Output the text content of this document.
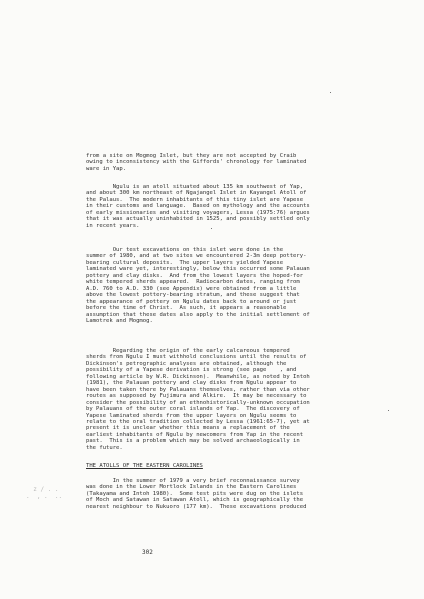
from a site on Mogmog Islet, but they are not accepted by Craib
owing to inconsistency with the Giffords' chronology for laminated
ware in Yap.
Ngulu is an atoll situated about 135 km southwest of Yap,
and about 300 km northeast of Ngajangel Islet in Kayangel Atoll of
the Palaus.  The modern inhabitants of this tiny islet are Yapese
in their customs and language.  Based on mythology and the accounts
of early missionaries and visiting voyagers, Lessa (1975:76) argues
that it was actually uninhabited in 1525, and possibly settled only
in recent years.
Our test excavations on this islet were done in the
summer of 1980, and at two sites we encountered 2-3m deep pottery-
bearing cultural deposits.  The upper layers yielded Yapese
laminated ware yet, interestingly, below this occurred some Palauan
pottery and clay disks.  And from the lowest layers the hoped-for
white tempered sherds appeared.  Radiocarbon dates, ranging from
A.D. 760 to A.D. 330 (see Appendix) were obtained from a little
above the lowest pottery-bearing stratum, and these suggest that
the appearance of pottery on Ngulu dates back to around or just
before the time of Christ.  As such, it appears a reasonable
assumption that these dates also apply to the initial settlement of
Lamotrek and Mogmog.
Regarding the origin of the early calcareous tempered
sherds from Ngulu I must withhold conclusions until the results of
Dickinson's petrographic analyses are obtained, although the
possibility of a Yapese derivation is strong (see page    , and
following article by W.R. Dickinson).  Meanwhile, as noted by Intoh
(1981), the Palauan pottery and clay disks from Ngulu appear to
have been taken there by Palauans themselves, rather than via other
routes as supposed by Fujimura and Alkire.  It may be necessary to
consider the possibility of an ethnohistorically-unknown occupation
by Palauans of the outer coral islands of Yap.  The discovery of
Yapese laminated sherds from the upper layers on Ngulu seems to
relate to the oral tradition collected by Lessa (1961:65-7), yet at
present it is unclear whether this means a replacement of the
earliest inhabitants of Ngulu by newcomers from Yap in the recent
past.  This is a problem which may be solved archaeologically in
the future.
THE ATOLLS OF THE EASTERN CAROLINES
In the summer of 1979 a very brief reconnaissance survey
was done in the Lower Mortlock Islands in the Eastern Carolines
(Takayama and Intoh 1980).  Some test pits were dug on the islets
of Moch and Satawan in Satawan Atoll, which is geographically the
nearest neighbour to Nukuoro (177 km).  These excavations produced
z / . .
.  , .  ..
302
